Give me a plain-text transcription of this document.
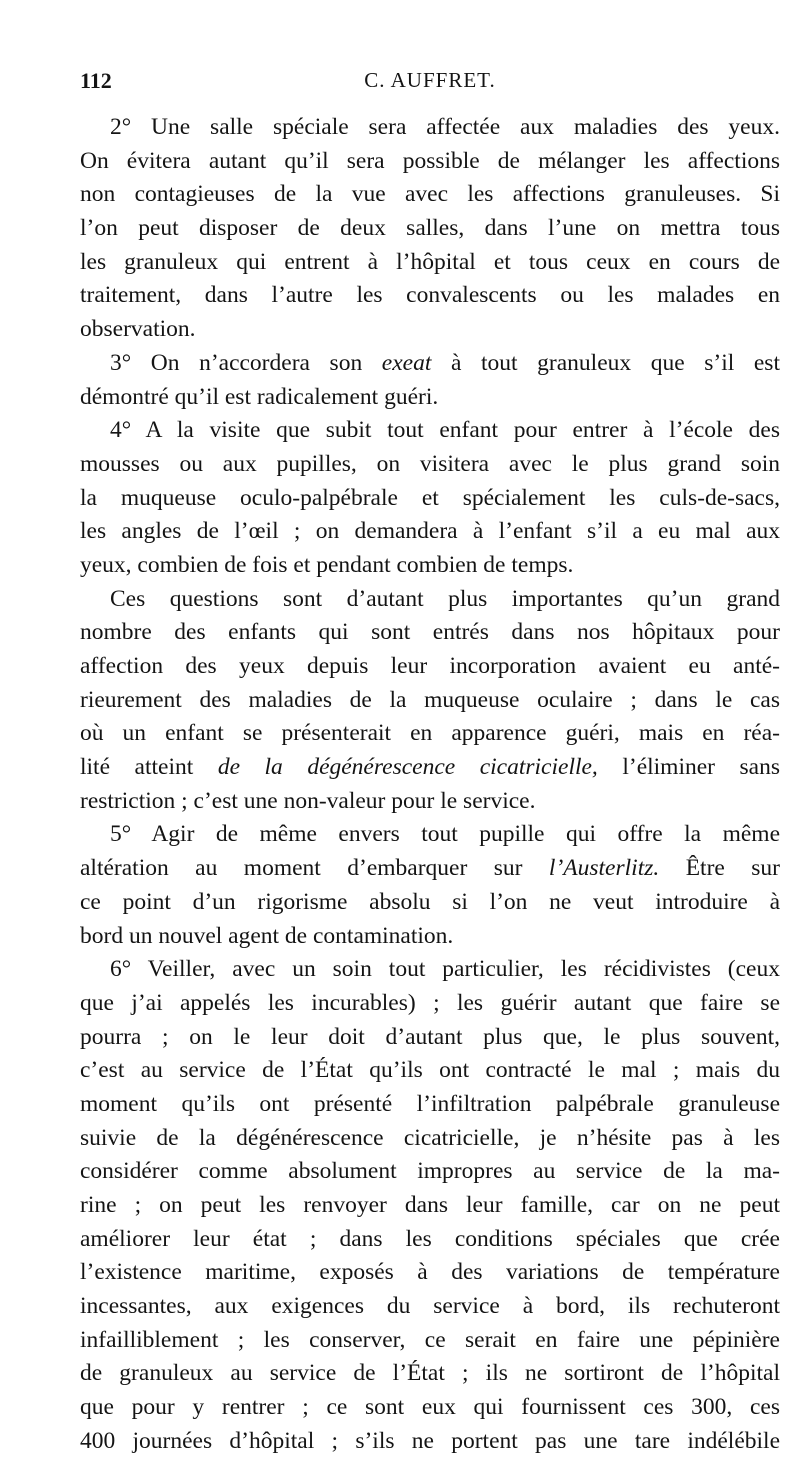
112	C. AUFFRET.
2° Une salle spéciale sera affectée aux maladies des yeux.
On évitera autant qu’il sera possible de mélanger les affections
non contagieuses de la vue avec les affections granuleuses. Si
l’on peut disposer de deux salles, dans l’une on mettra tous
les granuleux qui entrent à l’hôpital et tous ceux en cours de
traitement, dans l’autre les convalescents ou les malades en
observation.
3° On n’accordera son exeat à tout granuleux que s’il est
démontré qu’il est radicalement guéri.
4° A la visite que subit tout enfant pour entrer à l’école des
mousses ou aux pupilles, on visitera avec le plus grand soin
la muqueuse oculo-palpébrale et spécialement les culs-de-sacs,
les angles de l’œil ; on demandera à l’enfant s’il a eu mal aux
yeux, combien de fois et pendant combien de temps.
Ces questions sont d’autant plus importantes qu’un grand
nombre des enfants qui sont entrés dans nos hôpitaux pour
affection des yeux depuis leur incorporation avaient eu anté-
rieurement des maladies de la muqueuse oculaire ; dans le cas
où un enfant se présenterait en apparence guéri, mais en réa-
lité atteint de la dégénérescence cicatricielle, l’éliminer sans
restriction ; c’est une non-valeur pour le service.
5° Agir de même envers tout pupille qui offre la même
altération au moment d’embarquer sur l’Austerlitz. Être sur
ce point d’un rigorisme absolu si l’on ne veut introduire à
bord un nouvel agent de contamination.
6° Veiller, avec un soin tout particulier, les récidivistes (ceux
que j’ai appelés les incurables) ; les guérir autant que faire se
pourra ; on le leur doit d’autant plus que, le plus souvent,
c’est au service de l’État qu’ils ont contracté le mal ; mais du
moment qu’ils ont présenté l’infiltration palpébrale granuleuse
suivie de la dégénérescence cicatricielle, je n’hésite pas à les
considérer comme absolument impropres au service de la ma-
rine ; on peut les renvoyer dans leur famille, car on ne peut
améliorer leur état ; dans les conditions spéciales que crée
l’existence maritime, exposés à des variations de température
incessantes, aux exigences du service à bord, ils rechuteront
infailliblement ; les conserver, ce serait en faire une pépinière
de granuleux au service de l’État ; ils ne sortiront de l’hôpital
que pour y rentrer ; ce sont eux qui fournissent ces 300, ces
400 journées d’hôpital ; s’ils ne portent pas une tare indélébile
